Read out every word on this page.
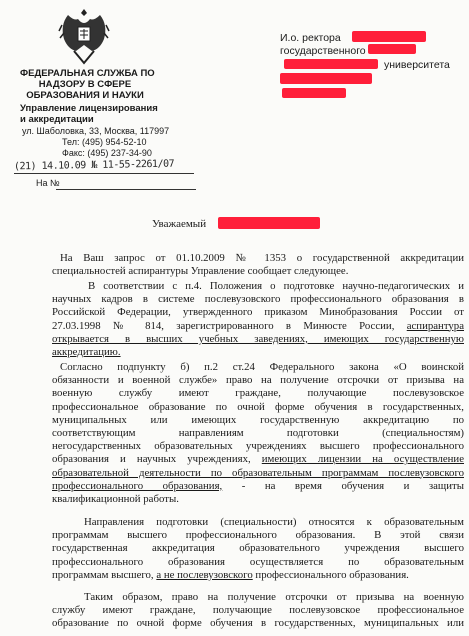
ФЕДЕРАЛЬНАЯ СЛУЖБА ПО
НАДЗОРУ В СФЕРЕ
ОБРАЗОВАНИЯ И НАУКИ
Управление лицензирования
и аккредитации
ул. Шаболовка, 33, Москва, 117997
Тел: (495) 954-52-10
Факс: (495) 237-34-90
(21) 14.10.09 № 11-55-2261/07
На №
И.о. ректора
государственного
университета
Уважаемый
На Ваш запрос от 01.10.2009 № 1353 о государственной аккредитации
специальностей аспирантуры Управление сообщает следующее.
В соответствии с п.4. Положения о подготовке научно-педагогических и
научных кадров в системе послевузовского профессионального образования в
Российской Федерации, утвержденного приказом Минобразования России от
27.03.1998 № 814, зарегистрированного в Минюсте России, аспирантура
открывается в высших учебных заведениях, имеющих государственную
аккредитацию.
Согласно подпункту б) п.2 ст.24 Федерального закона «О воинской
обязанности и военной службе» право на получение отсрочки от призыва на
военную службу имеют граждане, получающие послевузовское
профессиональное образование по очной форме обучения в государственных,
муниципальных или имеющих государственную аккредитацию по
соответствующим направлениям подготовки (специальностям)
негосударственных образовательных учреждениях высшего профессионального
образования и научных учреждениях, имеющих лицензии на осуществление
образовательной деятельности по образовательным программам послевузовского
профессионального образования, - на время обучения и защиты
квалификационной работы.
Направления подготовки (специальности) относятся к образовательным
программам высшего профессионального образования. В этой связи
государственная аккредитация образовательного учреждения высшего
профессионального образования осуществляется по образовательным
программам высшего, а не послевузовского профессионального образования.
Таким образом, право на получение отсрочки от призыва на военную
службу имеют граждане, получающие послевузовское профессиональное
образование по очной форме обучения в государственных, муниципальных или
